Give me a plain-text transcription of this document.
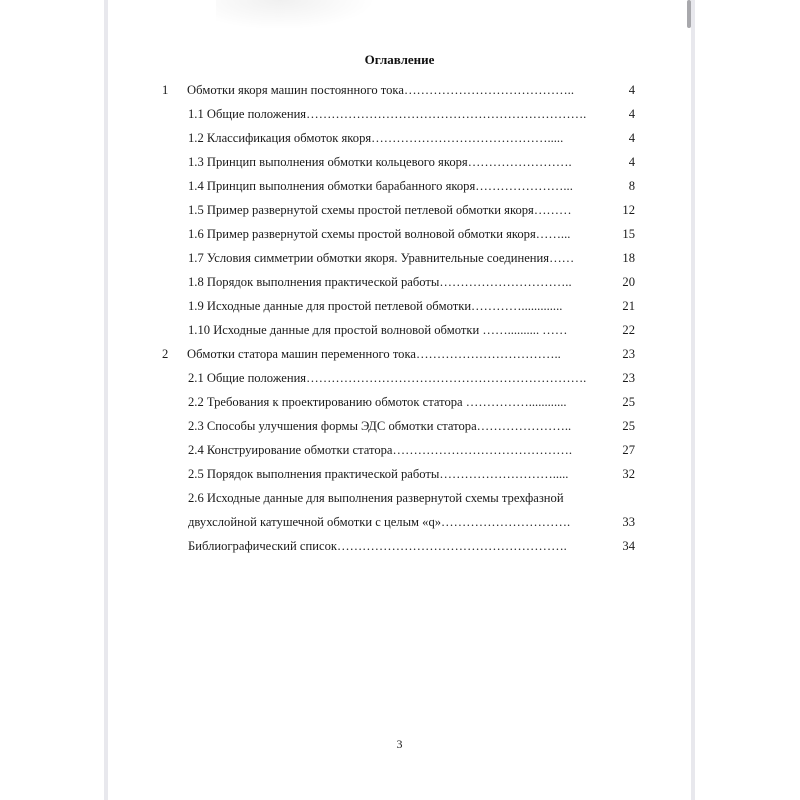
Оглавление
1 Обмотки якоря машин постоянного тока…………………………………..	4
1.1 Общие положения………………………………………………………….	4
1.2 Классификация обмоток якоря…………………………………….....	4
1.3 Принцип выполнения обмотки кольцевого якоря…………………….	4
1.4 Принцип выполнения обмотки барабанного якоря…………………...	8
1.5 Пример развернутой схемы простой петлевой обмотки якоря………	12
1.6 Пример развернутой схемы простой волновой обмотки якоря……...	15
1.7 Условия симметрии обмотки якоря. Уравнительные соединения……	18
1.8 Порядок выполнения практической работы…………………………..	20
1.9 Исходные данные для простой петлевой обмотки………….............	21
1.10 Исходные данные для простой волновой обмотки …….......... ……	22
2 Обмотки статора машин переменного тока……………………………..	23
2.1 Общие положения………………………………………………………….	23
2.2 Требования к проектированию обмоток статора ……………............	25
2.3 Способы улучшения формы ЭДС обмотки статора…………………..	25
2.4 Конструирование обмотки статора…………………………………….	27
2.5 Порядок выполнения практической работы……………………….....	32
2.6 Исходные данные для выполнения развернутой схемы трехфазной
двухслойной катушечной обмотки с целым «q»………………………….	33
Библиографический список……………………………………………….	34
3
